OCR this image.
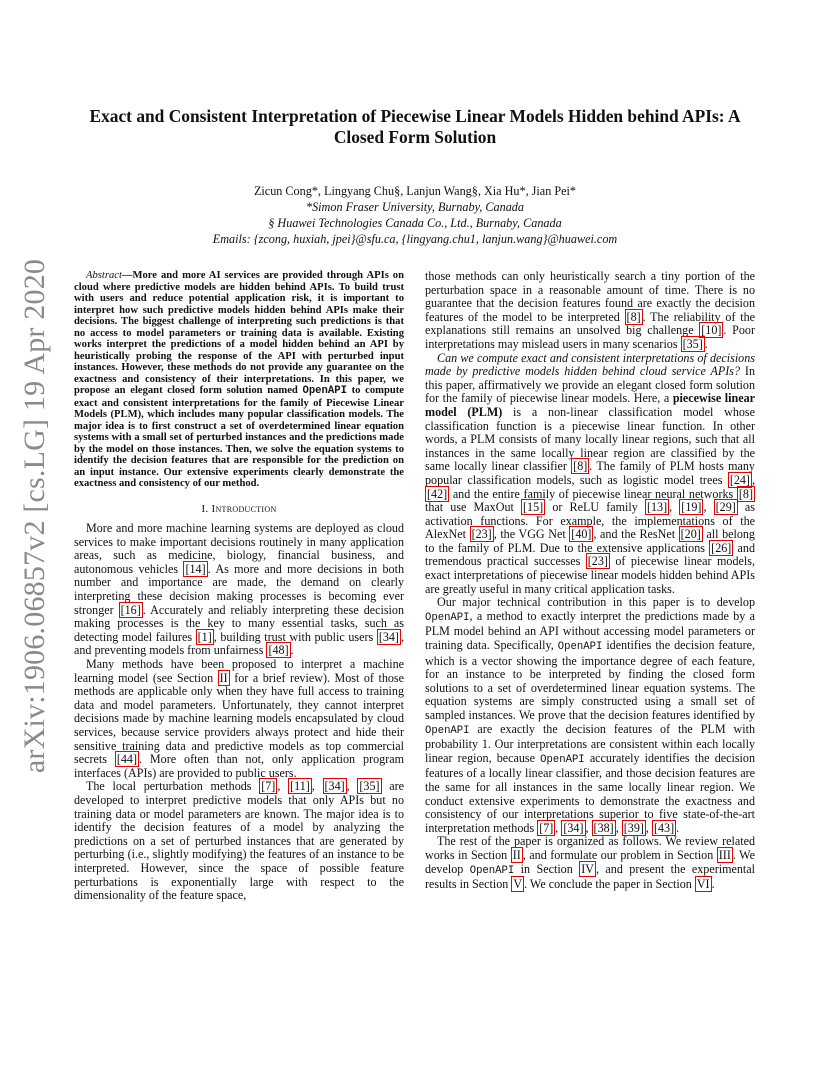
arXiv:1906.06857v2 [cs.LG] 19 Apr 2020
Exact and Consistent Interpretation of Piecewise Linear Models Hidden behind APIs: A Closed Form Solution
Zicun Cong*, Lingyang Chu§, Lanjun Wang§, Xia Hu*, Jian Pei*
*Simon Fraser University, Burnaby, Canada
§ Huawei Technologies Canada Co., Ltd., Burnaby, Canada
Emails: {zcong, huxiah, jpei}@sfu.ca, {lingyang.chu1, lanjun.wang}@huawei.com

Abstract—More and more AI services are provided through APIs on cloud where predictive models are hidden behind APIs. To build trust with users and reduce potential application risk, it is important to interpret how such predictive models hidden behind APIs make their decisions. The biggest challenge of interpreting such predictions is that no access to model parameters or training data is available. Existing works interpret the predictions of a model hidden behind an API by heuristically probing the response of the API with perturbed input instances. However, these methods do not provide any guarantee on the exactness and consistency of their interpretations. In this paper, we propose an elegant closed form solution named OpenAPI to compute exact and consistent interpretations for the family of Piecewise Linear Models (PLM), which includes many popular classification models. The major idea is to first construct a set of overdetermined linear equation systems with a small set of perturbed instances and the predictions made by the model on those instances. Then, we solve the equation systems to identify the decision features that are responsible for the prediction on an input instance. Our extensive experiments clearly demonstrate the exactness and consistency of our method.

I. Introduction

More and more machine learning systems are deployed as cloud services to make important decisions routinely in many application areas, such as medicine, biology, financial business, and autonomous vehicles [14] . As more and more decisions in both number and importance are made, the demand on clearly interpreting these decision making processes is becoming ever stronger [16] . Accurately and reliably interpreting these decision making processes is the key to many essential tasks, such as detecting model failures [1] , building trust with public users [34] , and preventing models from unfairness [48] .

Many methods have been proposed to interpret a machine learning model (see Section II for a brief review). Most of those methods are applicable only when they have full access to training data and model parameters. Unfortunately, they cannot interpret decisions made by machine learning models encapsulated by cloud services, because service providers always protect and hide their sensitive training data and predictive models as top commercial secrets [44] . More often than not, only application program interfaces (APIs) are provided to public users.

The local perturbation methods [7] , [11] , [34] , [35] are developed to interpret predictive models that only APIs but no training data or model parameters are known. The major idea is to identify the decision features of a model by analyzing the predictions on a set of perturbed instances that are generated by perturbing (i.e., slightly modifying) the features of an instance to be interpreted. However, since the space of possible feature perturbations is exponentially large with respect to the dimensionality of the feature space,

those methods can only heuristically search a tiny portion of the perturbation space in a reasonable amount of time. There is no guarantee that the decision features found are exactly the decision features of the model to be interpreted [8] . The reliability of the explanations still remains an unsolved big challenge [10] . Poor interpretations may mislead users in many scenarios [35] .

Can we compute exact and consistent interpretations of decisions made by predictive models hidden behind cloud service APIs? In this paper, affirmatively we provide an elegant closed form solution for the family of piecewise linear models. Here, a piecewise linear model (PLM) is a non-linear classification model whose classification function is a piecewise linear function. In other words, a PLM consists of many locally linear regions, such that all instances in the same locally linear region are classified by the same locally linear classifier [8] . The family of PLM hosts many popular classification models, such as logistic model trees [24] , [42] and the entire family of piecewise linear neural networks [8] that use MaxOut [15] or ReLU family [13] , [19] , [29] as activation functions. For example, the implementations of the AlexNet [23] , the VGG Net [40] , and the ResNet [20] all belong to the family of PLM. Due to the extensive applications [26] and tremendous practical successes [23] of piecewise linear models, exact interpretations of piecewise linear models hidden behind APIs are greatly useful in many critical application tasks.

Our major technical contribution in this paper is to develop OpenAPI, a method to exactly interpret the predictions made by a PLM model behind an API without accessing model parameters or training data. Specifically, OpenAPI identifies the decision feature, which is a vector showing the importance degree of each feature, for an instance to be interpreted by finding the closed form solutions to a set of overdetermined linear equation systems. The equation systems are simply constructed using a small set of sampled instances. We prove that the decision features identified by OpenAPI are exactly the decision features of the PLM with probability 1. Our interpretations are consistent within each locally linear region, because OpenAPI accurately identifies the decision features of a locally linear classifier, and those decision features are the same for all instances in the same locally linear region. We conduct extensive experiments to demonstrate the exactness and consistency of our interpretations superior to five state-of-the-art interpretation methods [7] , [34] , [38] , [39] , [43] .

The rest of the paper is organized as follows. We review related works in Section II , and formulate our problem in Section III . We develop OpenAPI in Section IV , and present the experimental results in Section V . We conclude the paper in Section VI .
